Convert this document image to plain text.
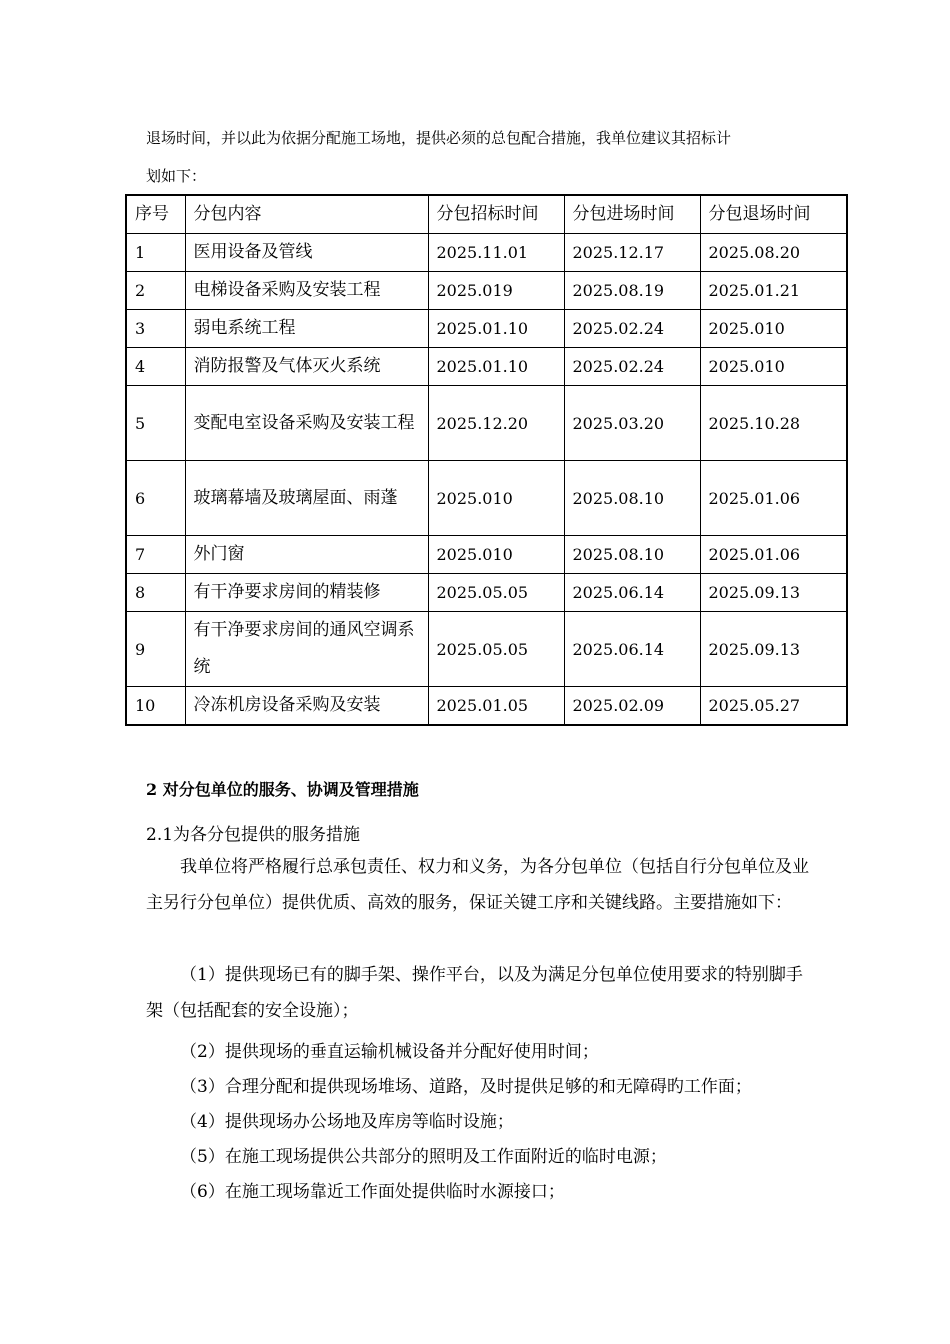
退场时间，并以此为依据分配施工场地，提供必须的总包配合措施，我单位建议其招标计
划如下：
序号	分包内容	分包招标时间	分包进场时间	分包退场时间
1	医用设备及管线	2025.11.01	2025.12.17	2025.08.20
2	电梯设备采购及安装工程	2025.019	2025.08.19	2025.01.21
3	弱电系统工程	2025.01.10	2025.02.24	2025.010
4	消防报警及气体灭火系统	2025.01.10	2025.02.24	2025.010
5	变配电室设备采购及安装工程	2025.12.20	2025.03.20	2025.10.28
6	玻璃幕墙及玻璃屋面、雨蓬	2025.010	2025.08.10	2025.01.06
7	外门窗	2025.010	2025.08.10	2025.01.06
8	有干净要求房间的精装修	2025.05.05	2025.06.14	2025.09.13
9	有干净要求房间的通风空调系统	2025.05.05	2025.06.14	2025.09.13
10	冷冻机房设备采购及安装	2025.01.05	2025.02.09	2025.05.27
2 对分包单位的服务、协调及管理措施
2.1为各分包提供的服务措施
我单位将严格履行总承包责任、权力和义务，为各分包单位（包括自行分包单位及业主另行分包单位）提供优质、高效的服务，保证关键工序和关键线路。主要措施如下：
（1）提供现场已有的脚手架、操作平台，以及为满足分包单位使用要求的特别脚手架（包括配套的安全设施）；
（2）提供现场的垂直运输机械设备并分配好使用时间；
（3）合理分配和提供现场堆场、道路，及时提供足够的和无障碍旳工作面；
（4）提供现场办公场地及库房等临时设施；
（5）在施工现场提供公共部分的照明及工作面附近的临时电源；
（6）在施工现场靠近工作面处提供临时水源接口；
